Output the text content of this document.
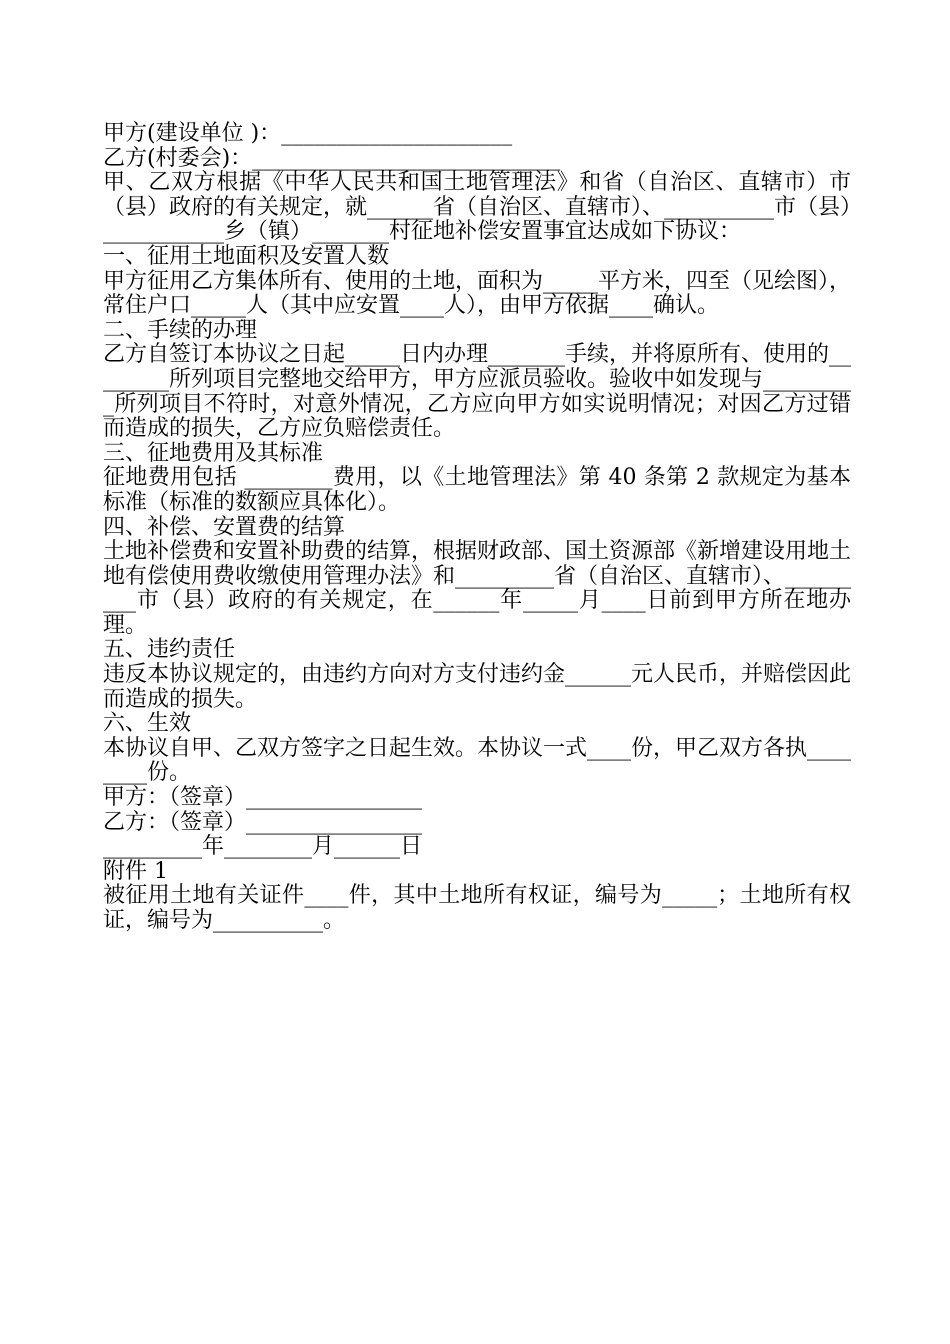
甲方(建设单位 )：_____________________

乙方(村委会)：____________________________

甲、乙双方根据《中华人民共和国土地管理法》和省（自治区、直辖市）市（县）政府的有关规定，就______省（自治区、直辖市）、__________市（县）___________乡（镇）_______村征地补偿安置事宜达成如下协议：

一、征用土地面积及安置人数

甲方征用乙方集体所有、使用的土地，面积为_____平方米，四至（见绘图），常住户口_____人（其中应安置____人），由甲方依据____确认。

二、手续的办理

乙方自签订本协议之日起_____日内办理_______手续，并将原所有、使用的________所列项目完整地交给甲方，甲方应派员验收。验收中如发现与_________所列项目不符时，对意外情况，乙方应向甲方如实说明情况；对因乙方过错而造成的损失，乙方应负赔偿责任。

三、征地费用及其标准

征地费用包括 ________费用，以《土地管理法》第 40 条第 2 款规定为基本标准（标准的数额应具体化）。

四、补偿、安置费的结算

土地补偿费和安置补助费的结算，根据财政部、国土资源部《新增建设用地土地有偿使用费收缴使用管理办法》和_________省（自治区、直辖市）、_________市（县）政府的有关规定，在______年_____月____日前到甲方所在地办理。

五、违约责任

违反本协议规定的，由违约方向对方支付违约金______元人民币，并赔偿因此而造成的损失。

六、生效

本协议自甲、乙双方签字之日起生效。本协议一式____份，甲乙双方各执________份。

甲方：（签章）________________

乙方：（签章）________________

_________年________月______日

附件 1

被征用土地有关证件____件，其中土地所有权证，编号为_____；土地所有权证，编号为__________。
